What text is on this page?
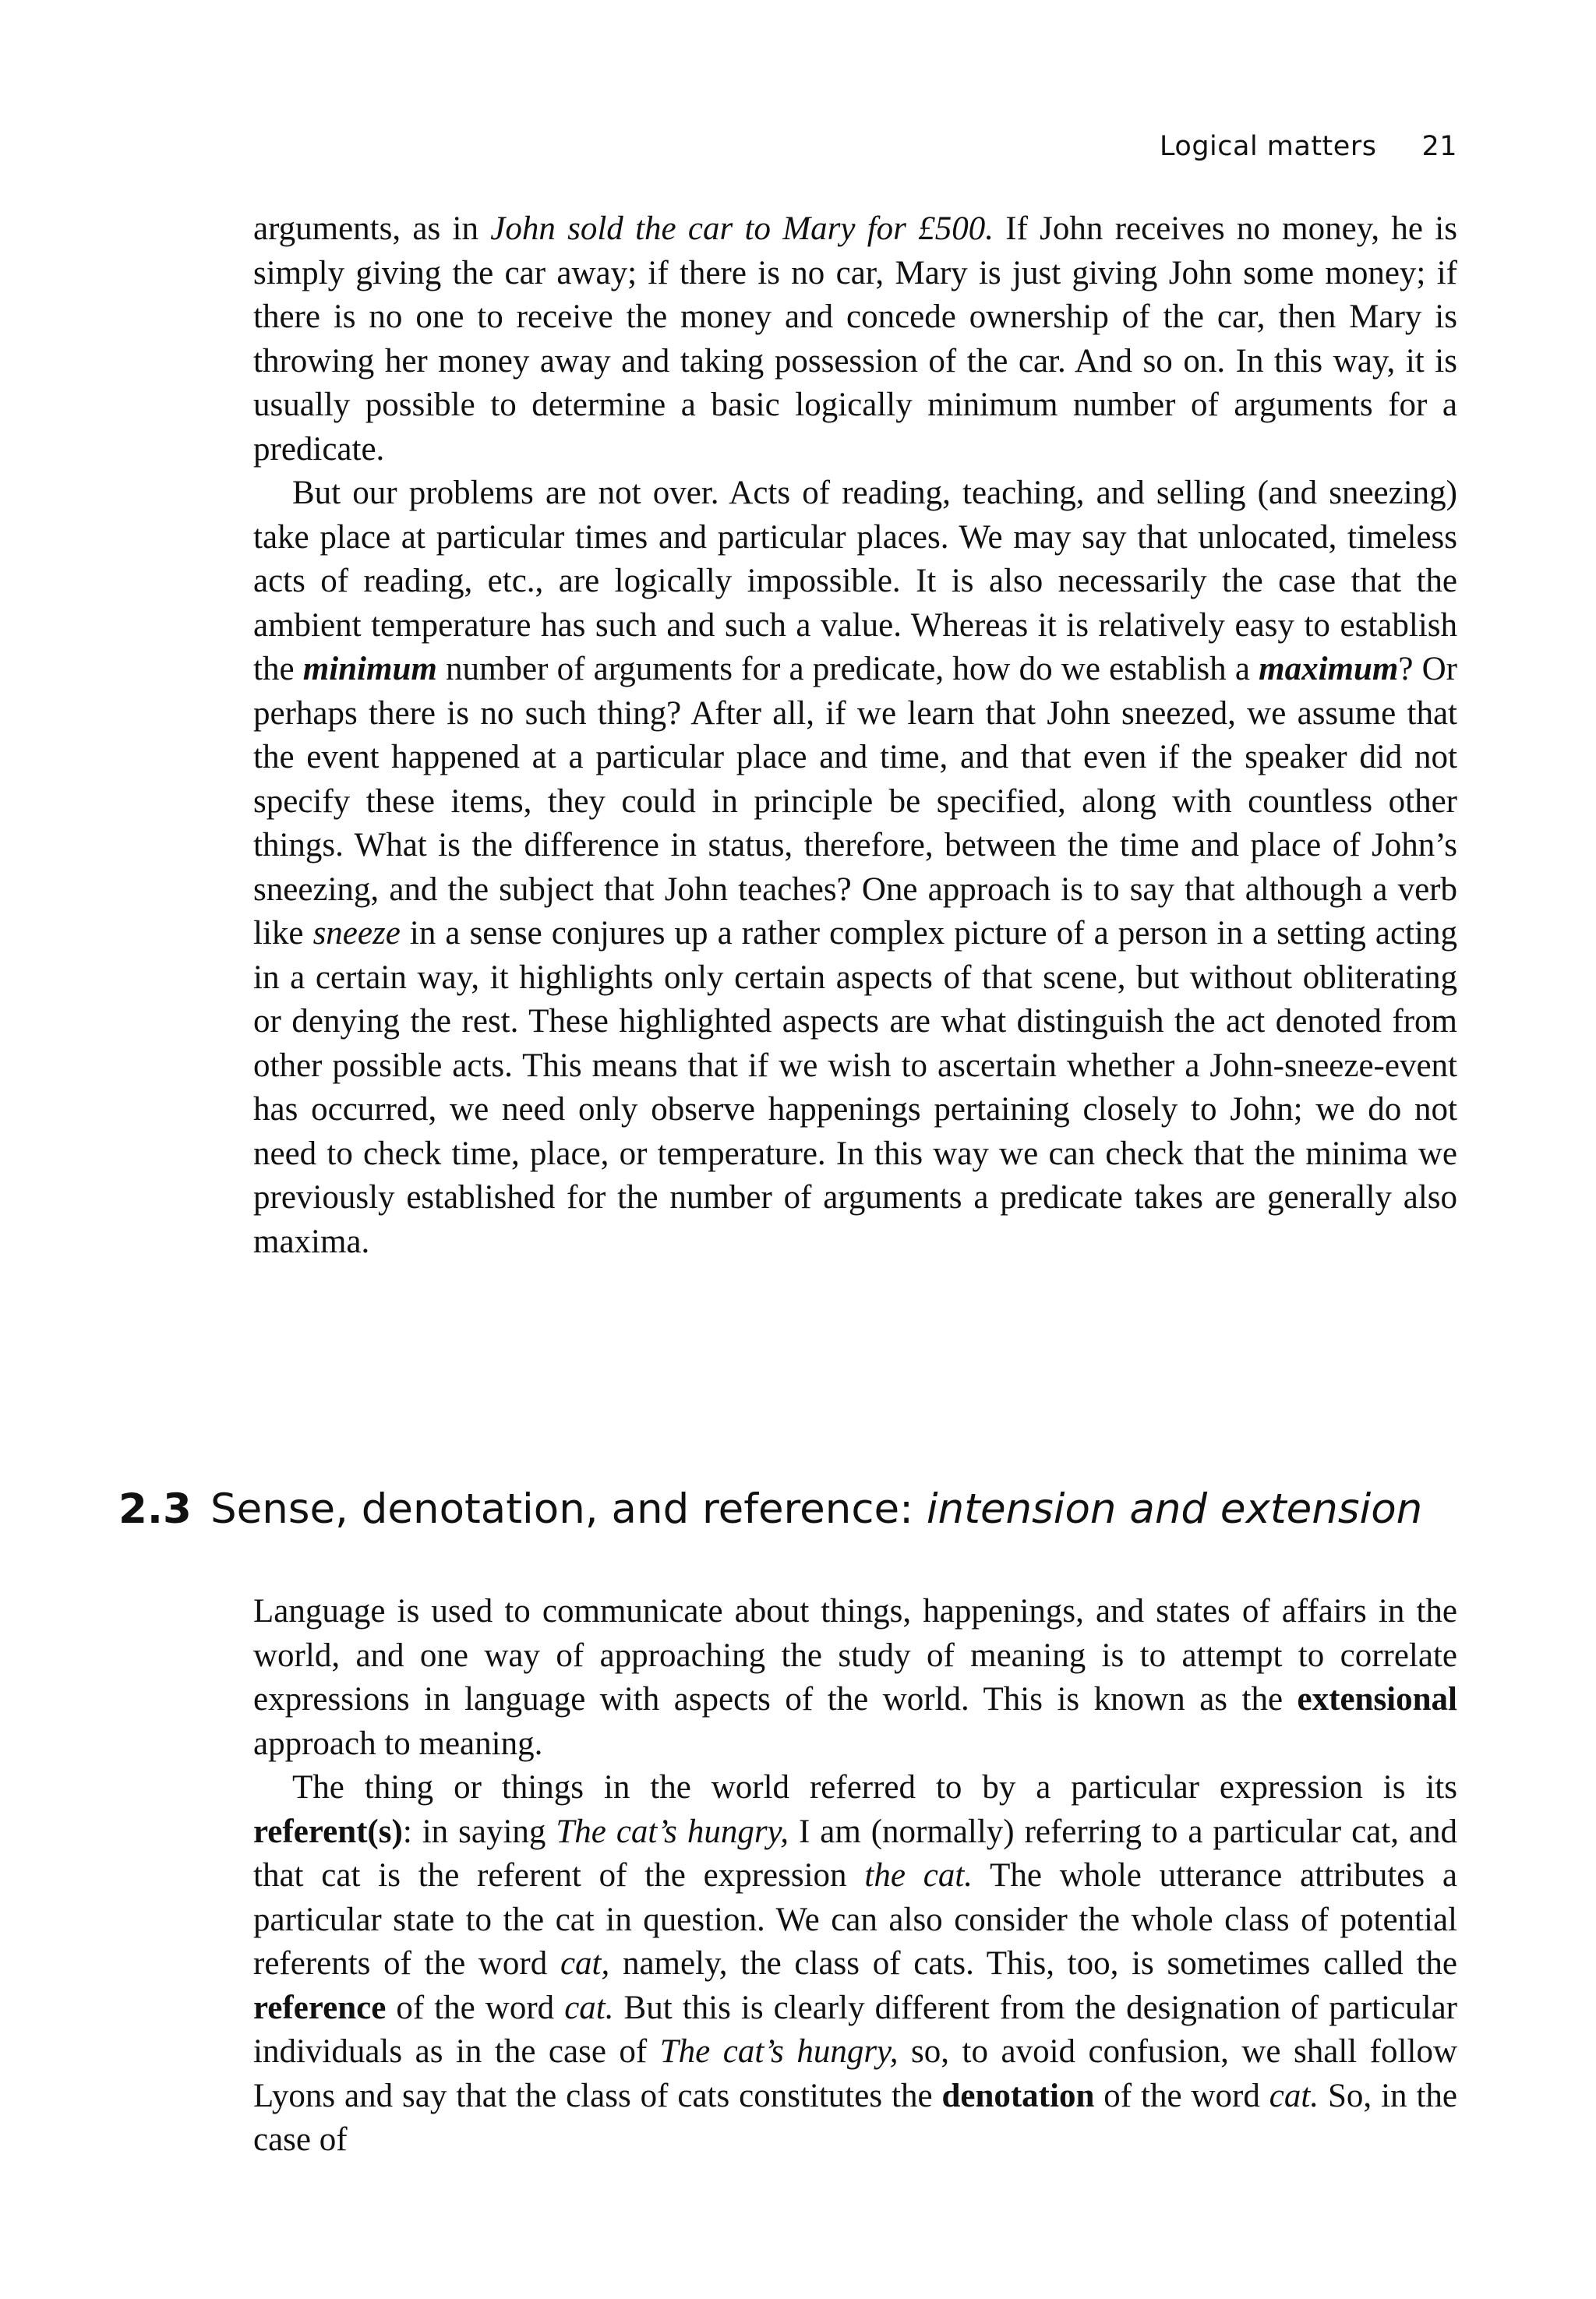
Logical matters 21

arguments, as in John sold the car to Mary for £500. If John receives no money, he is simply giving the car away; if there is no car, Mary is just giving John some money; if there is no one to receive the money and concede ownership of the car, then Mary is throwing her money away and taking possession of the car. And so on. In this way, it is usually possible to determine a basic logically minimum number of arguments for a predicate.

But our problems are not over. Acts of reading, teaching, and selling (and sneezing) take place at particular times and particular places. We may say that unlocated, timeless acts of reading, etc., are logically impossible. It is also necessarily the case that the ambient temperature has such and such a value. Whereas it is relatively easy to establish the minimum number of arguments for a predicate, how do we establish a maximum? Or perhaps there is no such thing? After all, if we learn that John sneezed, we assume that the event happened at a particular place and time, and that even if the speaker did not specify these items, they could in principle be specified, along with countless other things. What is the difference in status, therefore, between the time and place of John’s sneezing, and the subject that John teaches? One approach is to say that although a verb like sneeze in a sense conjures up a rather complex picture of a person in a setting acting in a certain way, it highlights only certain aspects of that scene, but without obliterating or denying the rest. These highlighted aspects are what distinguish the act denoted from other possible acts. This means that if we wish to ascertain whether a John-sneeze-event has occurred, we need only observe happenings pertaining closely to John; we do not need to check time, place, or temperature. In this way we can check that the minima we previously established for the number of arguments a predicate takes are generally also maxima.

2.3 Sense, denotation, and reference: intension and extension

Language is used to communicate about things, happenings, and states of affairs in the world, and one way of approaching the study of meaning is to attempt to correlate expressions in language with aspects of the world. This is known as the extensional approach to meaning.

The thing or things in the world referred to by a particular expression is its referent(s): in saying The cat’s hungry, I am (normally) referring to a particular cat, and that cat is the referent of the expression the cat. The whole utterance attributes a particular state to the cat in question. We can also consider the whole class of potential referents of the word cat, namely, the class of cats. This, too, is sometimes called the reference of the word cat. But this is clearly different from the designation of particular individuals as in the case of The cat’s hungry, so, to avoid confusion, we shall follow Lyons and say that the class of cats constitutes the denotation of the word cat. So, in the case of
